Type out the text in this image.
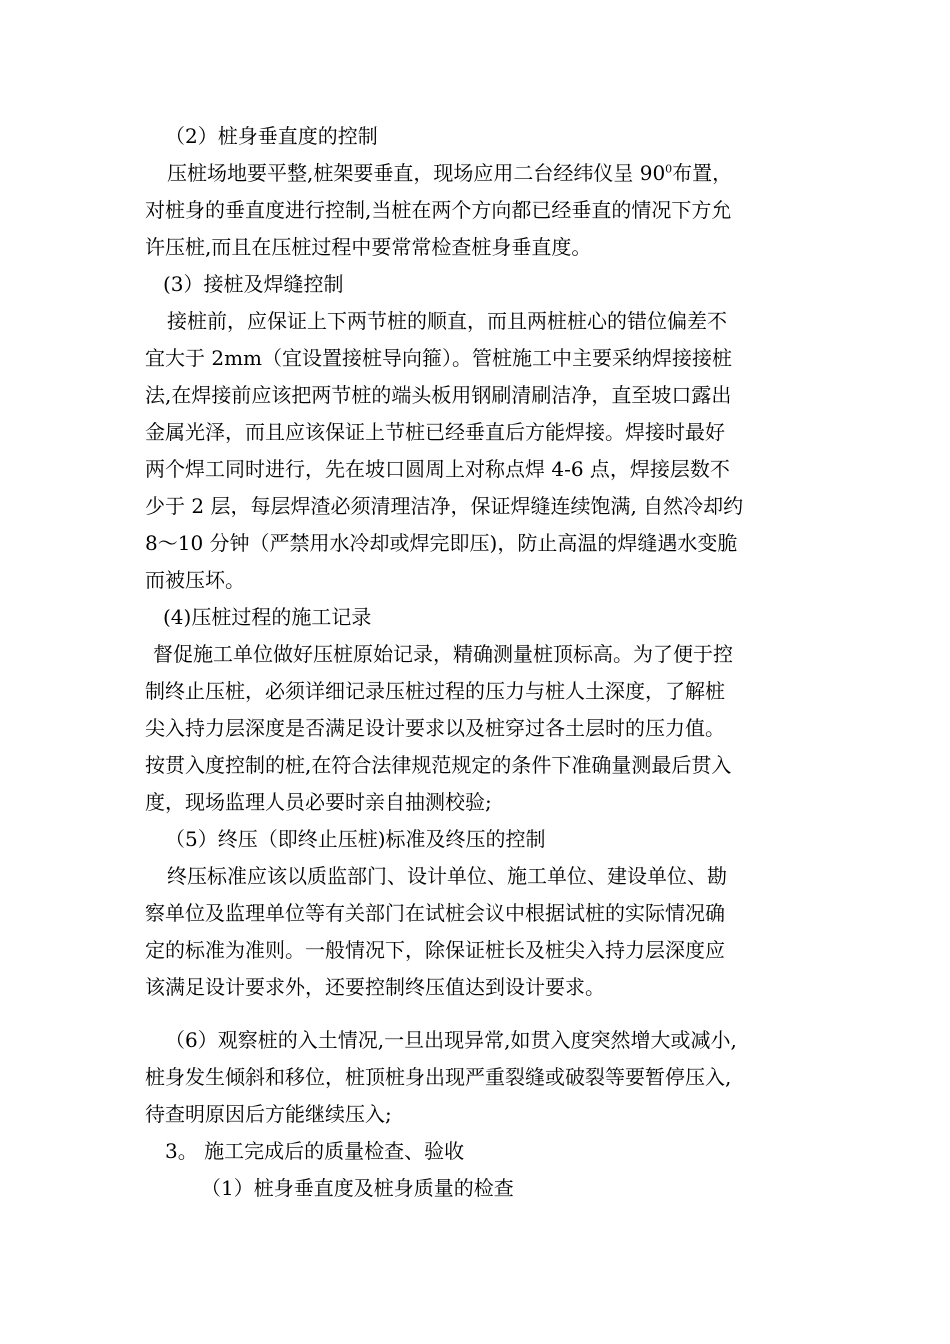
（2）桩身垂直度的控制
压桩场地要平整,桩架要垂直，现场应用二台经纬仪呈 $90^0$布置，
对桩身的垂直度进行控制,当桩在两个方向都已经垂直的情况下方允
许压桩,而且在压桩过程中要常常检查桩身垂直度。
(3）接桩及焊缝控制
接桩前，应保证上下两节桩的顺直，而且两桩桩心的错位偏差不
宜大于 2mm（宜设置接桩导向箍）。管桩施工中主要采纳焊接接桩
法,在焊接前应该把两节桩的端头板用钢刷清刷洁净，直至坡口露出
金属光泽，而且应该保证上节桩已经垂直后方能焊接。焊接时最好
两个焊工同时进行，先在坡口圆周上对称点焊 4-6 点，焊接层数不
少于 2 层，每层焊渣必须清理洁净，保证焊缝连续饱满, 自然冷却约
8～10 分钟（严禁用水冷却或焊完即压)，防止高温的焊缝遇水变脆
而被压坏。
(4)压桩过程的施工记录
督促施工单位做好压桩原始记录，精确测量桩顶标高。为了便于控
制终止压桩，必须详细记录压桩过程的压力与桩人土深度，了解桩
尖入持力层深度是否满足设计要求以及桩穿过各土层时的压力值。
按贯入度控制的桩,在符合法律规范规定的条件下准确量测最后贯入
度，现场监理人员必要时亲自抽测校验;
（5）终压（即终止压桩)标准及终压的控制
终压标准应该以质监部门、设计单位、施工单位、建设单位、勘
察单位及监理单位等有关部门在试桩会议中根据试桩的实际情况确
定的标准为准则。一般情况下，除保证桩长及桩尖入持力层深度应
该满足设计要求外，还要控制终压值达到设计要求。
（6）观察桩的入土情况,一旦出现异常,如贯入度突然增大或减小,
桩身发生倾斜和移位，桩顶桩身出现严重裂缝或破裂等要暂停压入,
待查明原因后方能继续压入;
3。 施工完成后的质量检查、验收
（1）桩身垂直度及桩身质量的检查
